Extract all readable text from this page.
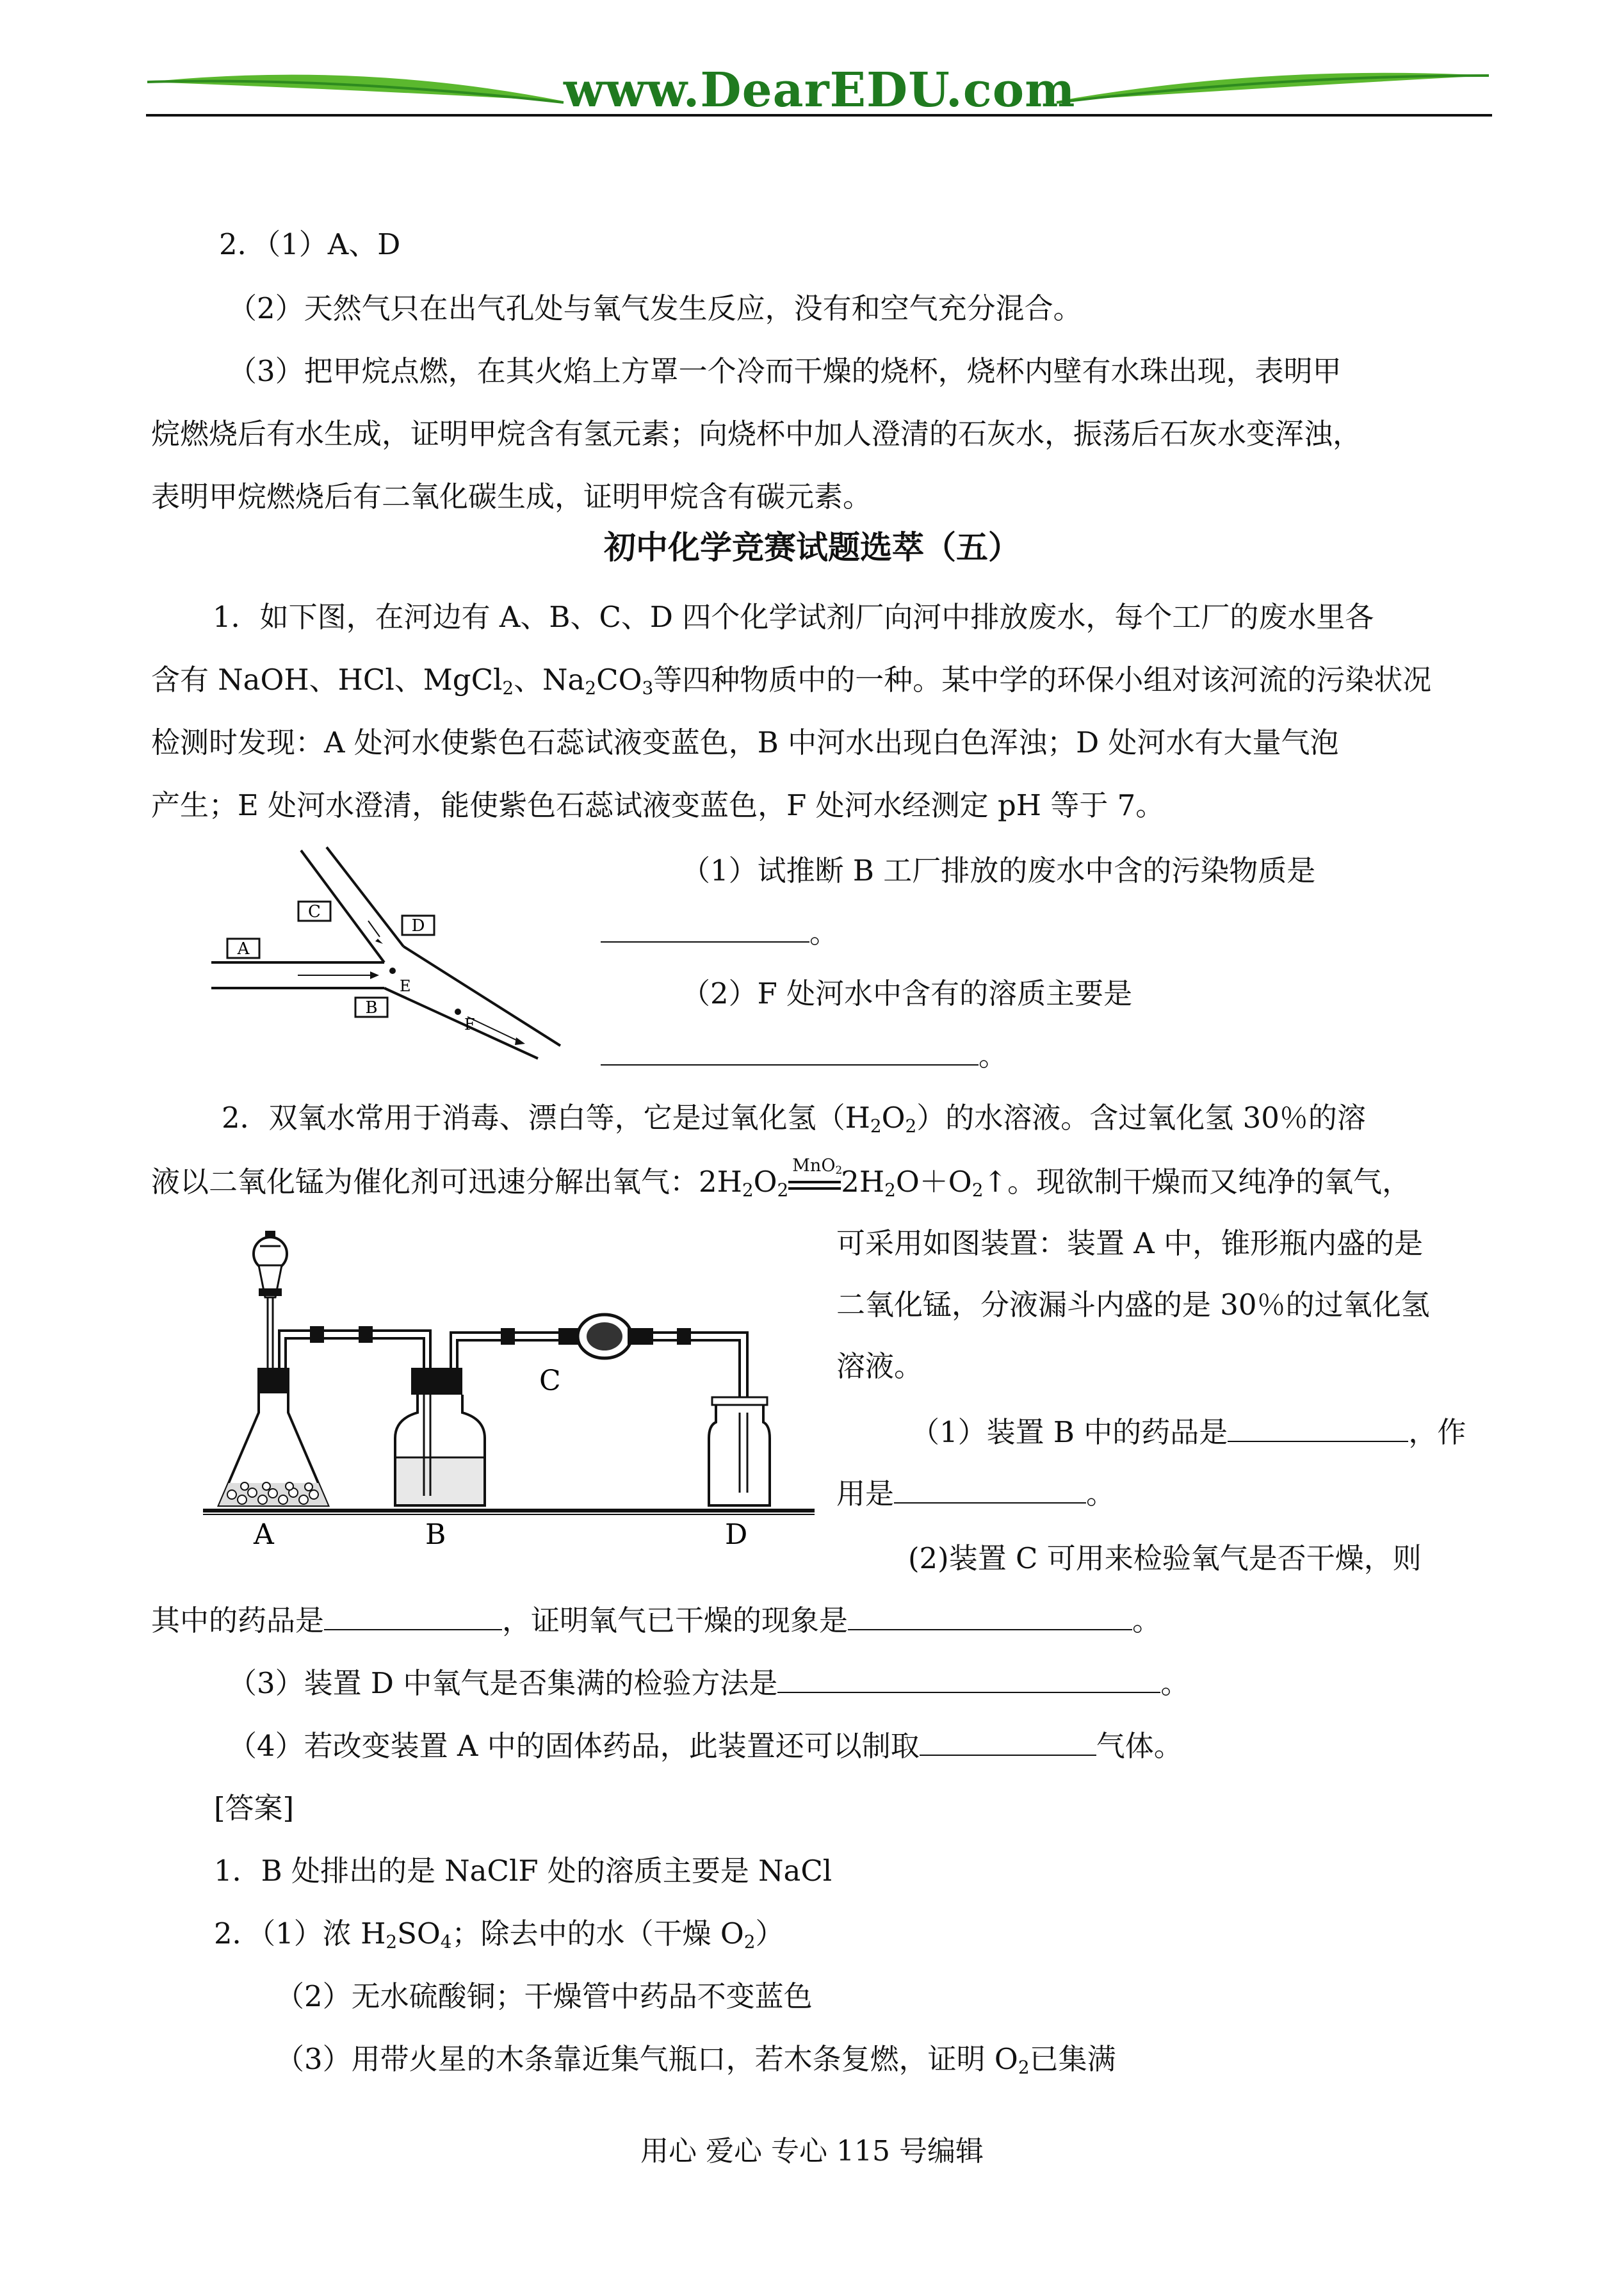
www.DearEDU.com
2．（1）A、D
（2）天然气只在出气孔处与氧气发生反应，没有和空气充分混合。
（3）把甲烷点燃，在其火焰上方罩一个冷而干燥的烧杯，烧杯内壁有水珠出现，表明甲
烷燃烧后有水生成，证明甲烷含有氢元素；向烧杯中加人澄清的石灰水，振荡后石灰水变浑浊，
表明甲烷燃烧后有二氧化碳生成，证明甲烷含有碳元素。
初中化学竞赛试题选萃（五）
1．如下图，在河边有 A、B、C、D 四个化学试剂厂向河中排放废水，每个工厂的废水里各
含有 NaOH、HCl、MgCl$_2$、$Na_2CO_3$等四种物质中的一种。某中学的环保小组对该河流的污染状况
检测时发现：A 处河水使紫色石蕊试液变蓝色，B 中河水出现白色浑浊；D 处河水有大量气泡
产生；E 处河水澄清，能使紫色石蕊试液变蓝色，F 处河水经测定 pH 等于 7。
C
A
D
B
E
F
（1）试推断 B 工厂排放的废水中含的污染物质是
。
（2）F 处河水中含有的溶质主要是
。
2．双氧水常用于消毒、漂白等，它是过氧化氢$(H_2O_2)$的水溶液。含过氧化氢 30％的溶
液以二氧化锰为催化剂可迅速分解出氧气：$2H_2O_2$
MnO$_2$
$2H_2O+O_2↑$。现欲制干燥而又纯净的氧气，
A	B
C
D
可采用如图装置：装置 A 中，锥形瓶内盛的是
二氧化锰，分液漏斗内盛的是 30％的过氧化氢
溶液。
（1）装置 B 中的药品是	，作
用是	。
(2)装置 C 可用来检验氧气是否干燥，则
其中的药品是	，证明氧气已干燥的现象是	。
（3）装置 D 中氧气是否集满的检验方法是	。
（4）若改变装置 A 中的固体药品，此装置还可以制取	气体。
[答案]
1．B 处排出的是 NaClF 处的溶质主要是 NaCl
2．（1）浓 $H_2SO_4$；除去中的水（干燥 $O_2$）
（2）无水硫酸铜；干燥管中药品不变蓝色
（3）用带火星的木条靠近集气瓶口，若木条复燃，证明 $O_2$已集满
用心 爱心 专心 115 号编辑
